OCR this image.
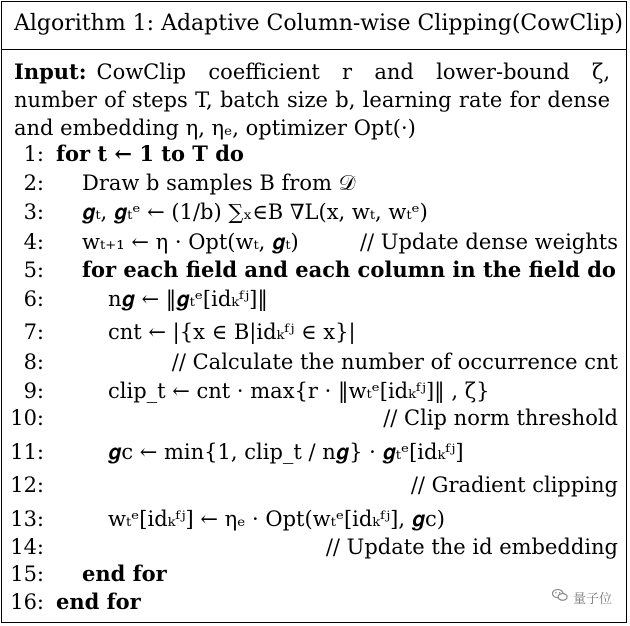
Algorithm 1: Adaptive Column-wise Clipping(CowClip)
Input: CowClip coefficient r and lower-bound ζ, number of steps T, batch size b, learning rate for dense and embedding η, ηₑ, optimizer Opt(·)
1: for t ← 1 to T do
2: Draw b samples B from 𝒟
3: 𝒈ₜ, 𝒈ₜᵉ ← (1/b) ∑ₓ∈B ∇L(x, wₜ, wₜᵉ)
4: wₜ₊₁ ← η · Opt(wₜ, 𝒈ₜ)	// Update dense weights
5: for each field and each column in the field do
6:	n𝒈 ← ‖𝒈ₜᵉ[idₖᶠʲ]‖
7:	cnt ← |{x ∈ B|idₖᶠʲ ∈ x}|
8:	// Calculate the number of occurrence cnt
9:	clip_t ← cnt · max{r · ‖wₜᵉ[idₖᶠʲ]‖ , ζ}
10:	// Clip norm threshold
11:	𝒈c ← min{1, clip_t / n𝒈} · 𝒈ₜᵉ[idₖᶠʲ]
12:	// Gradient clipping
13:	wₜᵉ[idₖᶠʲ] ← ηₑ · Opt(wₜᵉ[idₖᶠʲ], 𝒈c)
14:	// Update the id embedding
15: end for
16: end for	量子位
